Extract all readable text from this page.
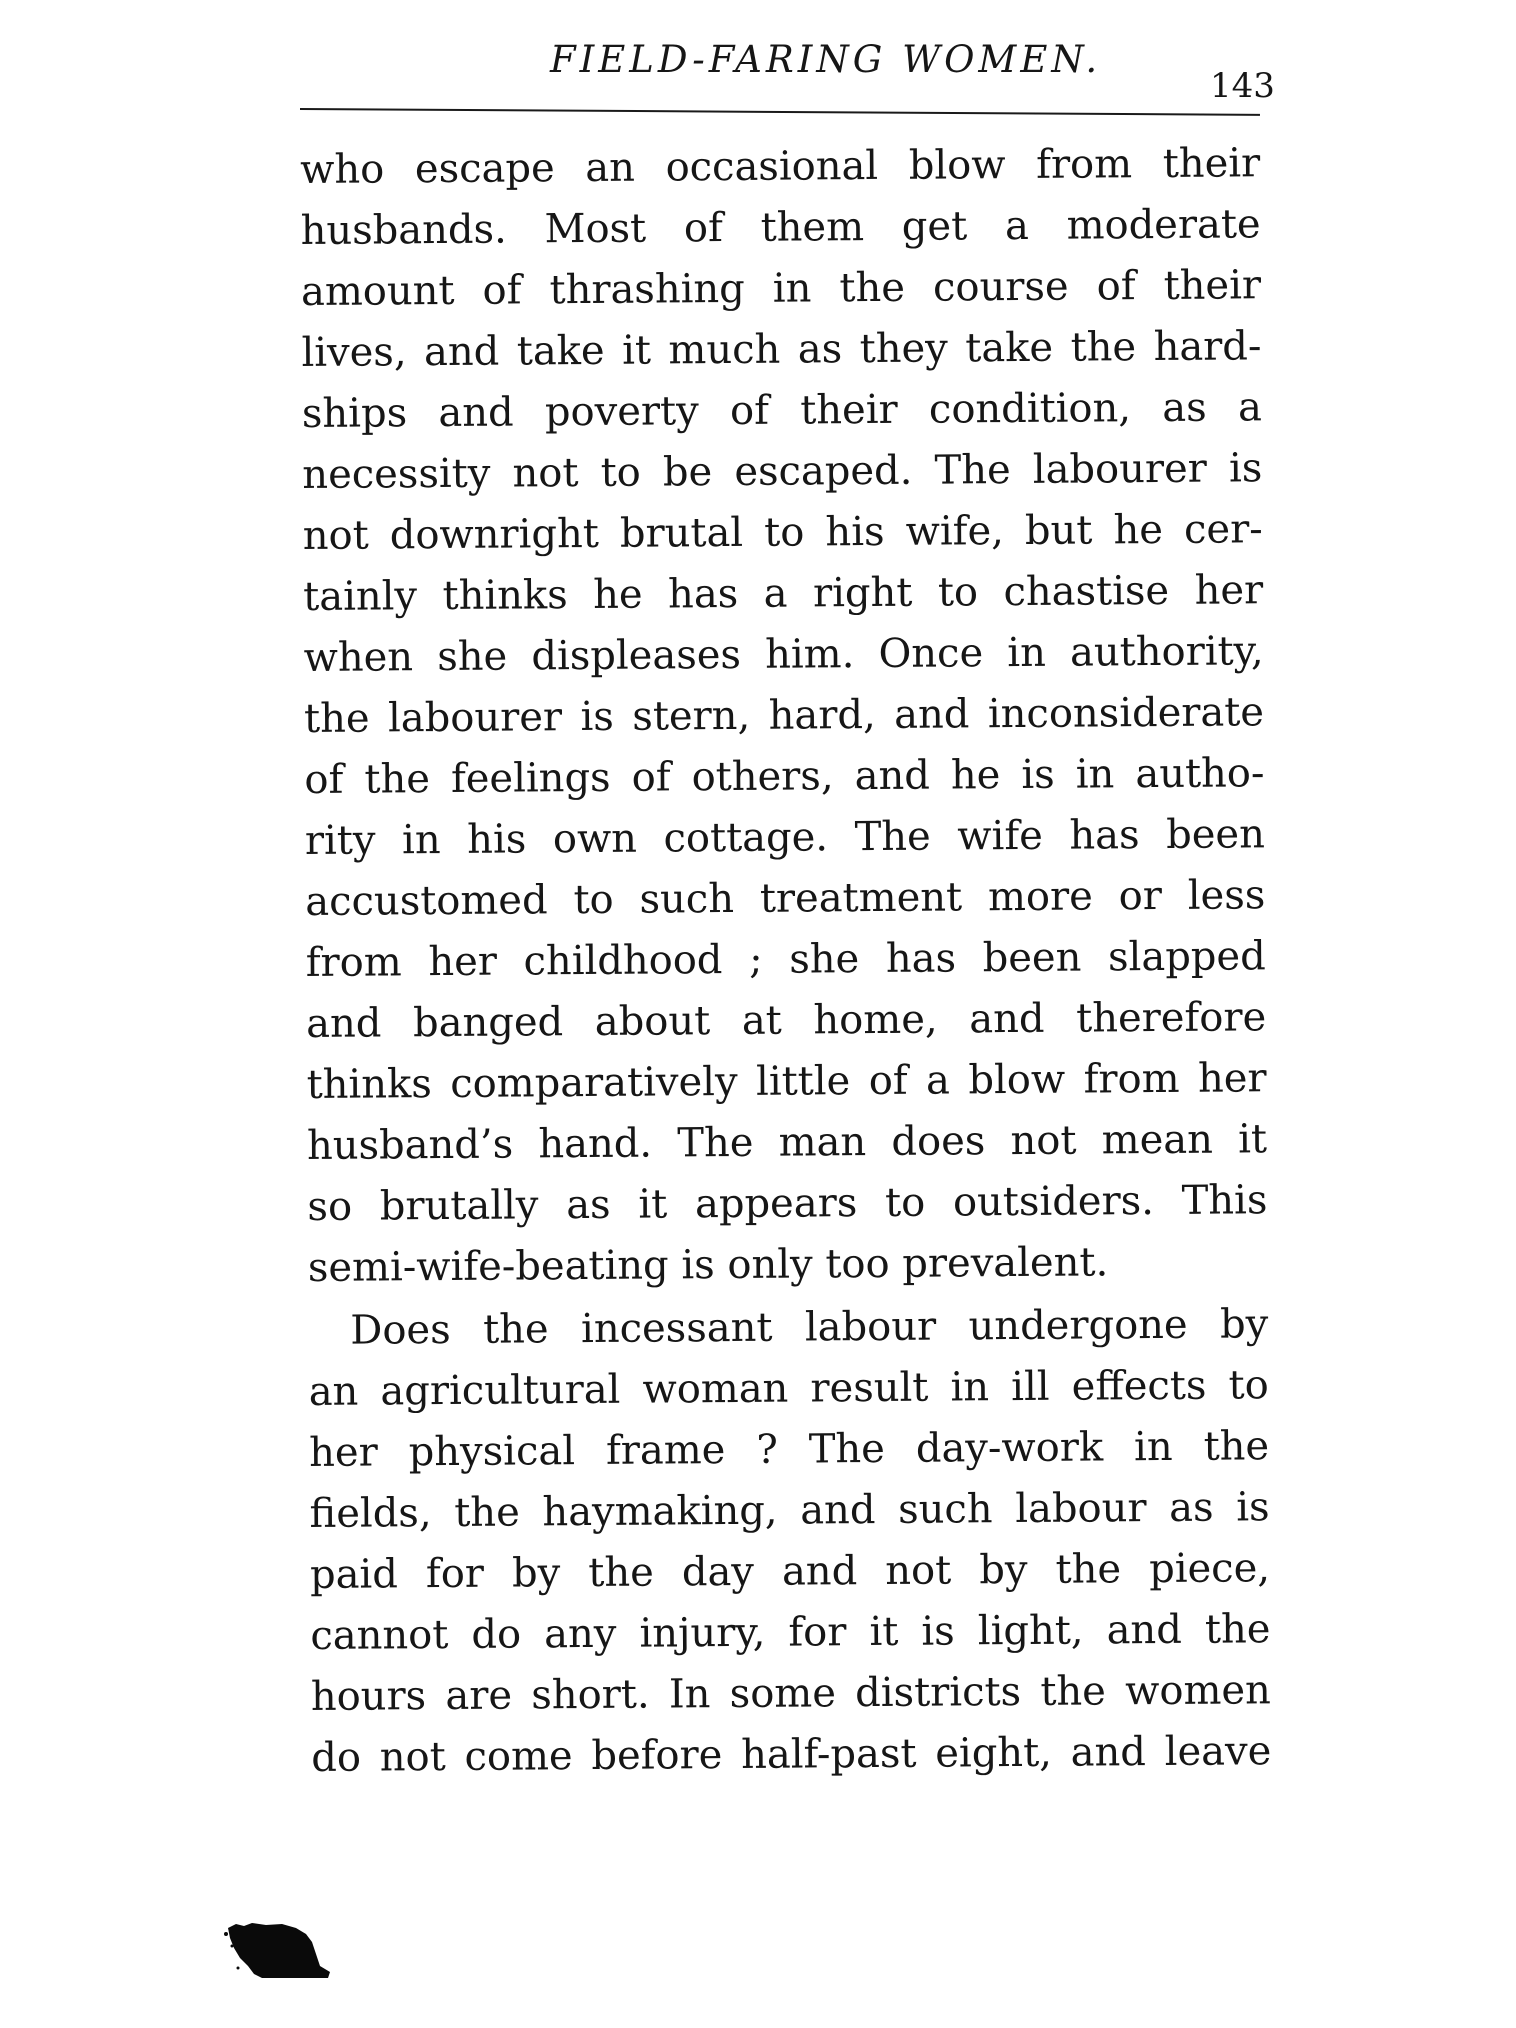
FIELD-FARING WOMEN.
143

who escape an occasional blow from their
husbands. Most of them get a moderate
amount of thrashing in the course of their
lives, and take it much as they take the hard-
ships and poverty of their condition, as a
necessity not to be escaped. The labourer is
not downright brutal to his wife, but he cer-
tainly thinks he has a right to chastise her
when she displeases him. Once in authority,
the labourer is stern, hard, and inconsiderate
of the feelings of others, and he is in autho-
rity in his own cottage. The wife has been
accustomed to such treatment more or less
from her childhood ; she has been slapped
and banged about at home, and therefore
thinks comparatively little of a blow from her
husband’s hand. The man does not mean it
so brutally as it appears to outsiders. This
semi-wife-beating is only too prevalent.

Does the incessant labour undergone by
an agricultural woman result in ill effects to
her physical frame ? The day-work in the
fields, the haymaking, and such labour as is
paid for by the day and not by the piece,
cannot do any injury, for it is light, and the
hours are short. In some districts the women
do not come before half-past eight, and leave
